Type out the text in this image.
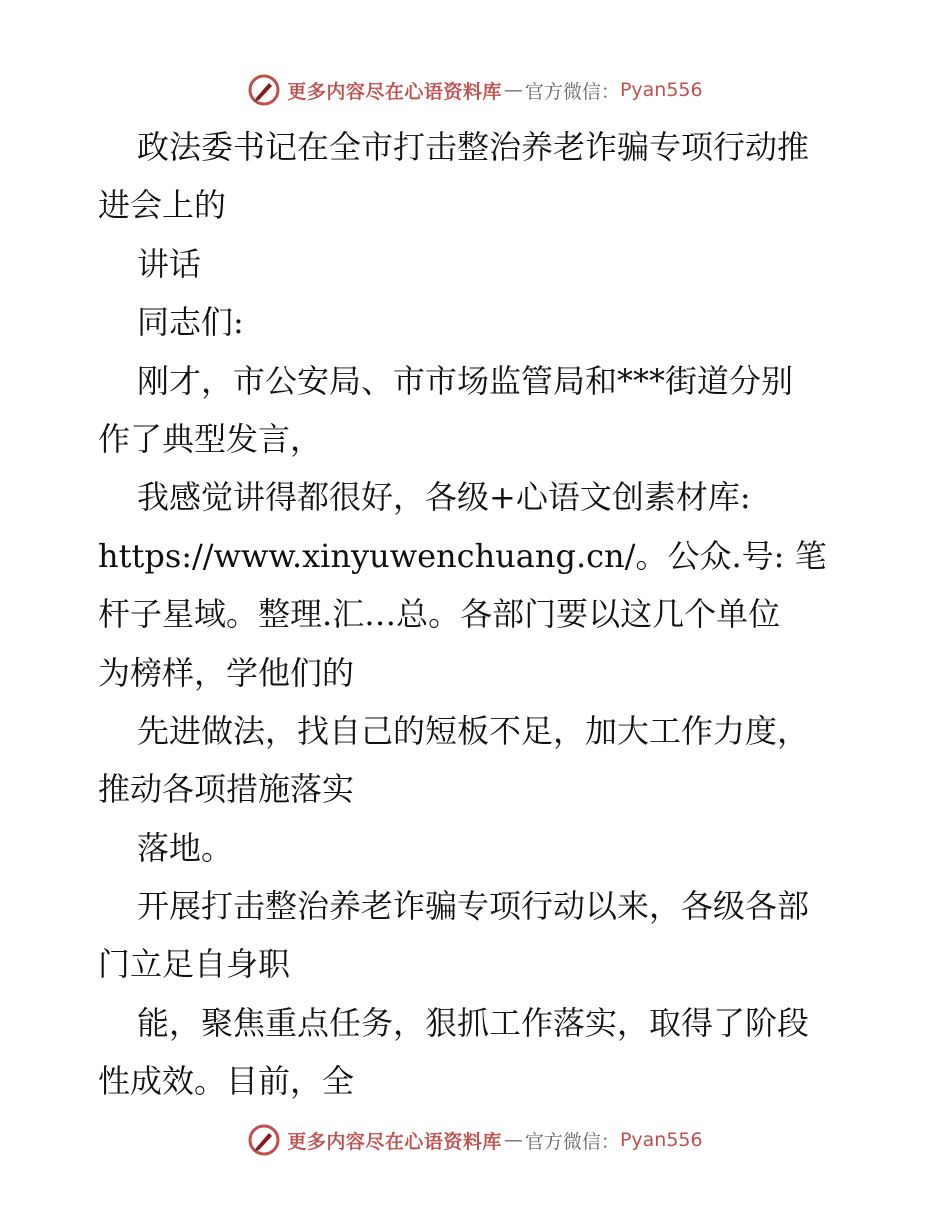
更多内容尽在心语资料库 — 官方微信： Pyan556
政法委书记在全市打击整治养老诈骗专项行动推
进会上的
讲话
同志们:
刚才，市公安局、市市场监管局和***街道分别
作了典型发言，
我感觉讲得都很好，各级+心语文创素材库:
https://www.xinyuwenchuang.cn/。公众.号: 笔
杆子星域。整理.汇…总。各部门要以这几个单位
为榜样，学他们的
先进做法，找自己的短板不足，加大工作力度，
推动各项措施落实
落地。
开展打击整治养老诈骗专项行动以来，各级各部
门立足自身职
能，聚焦重点任务，狠抓工作落实，取得了阶段
性成效。目前，全
更多内容尽在心语资料库 — 官方微信： Pyan556
